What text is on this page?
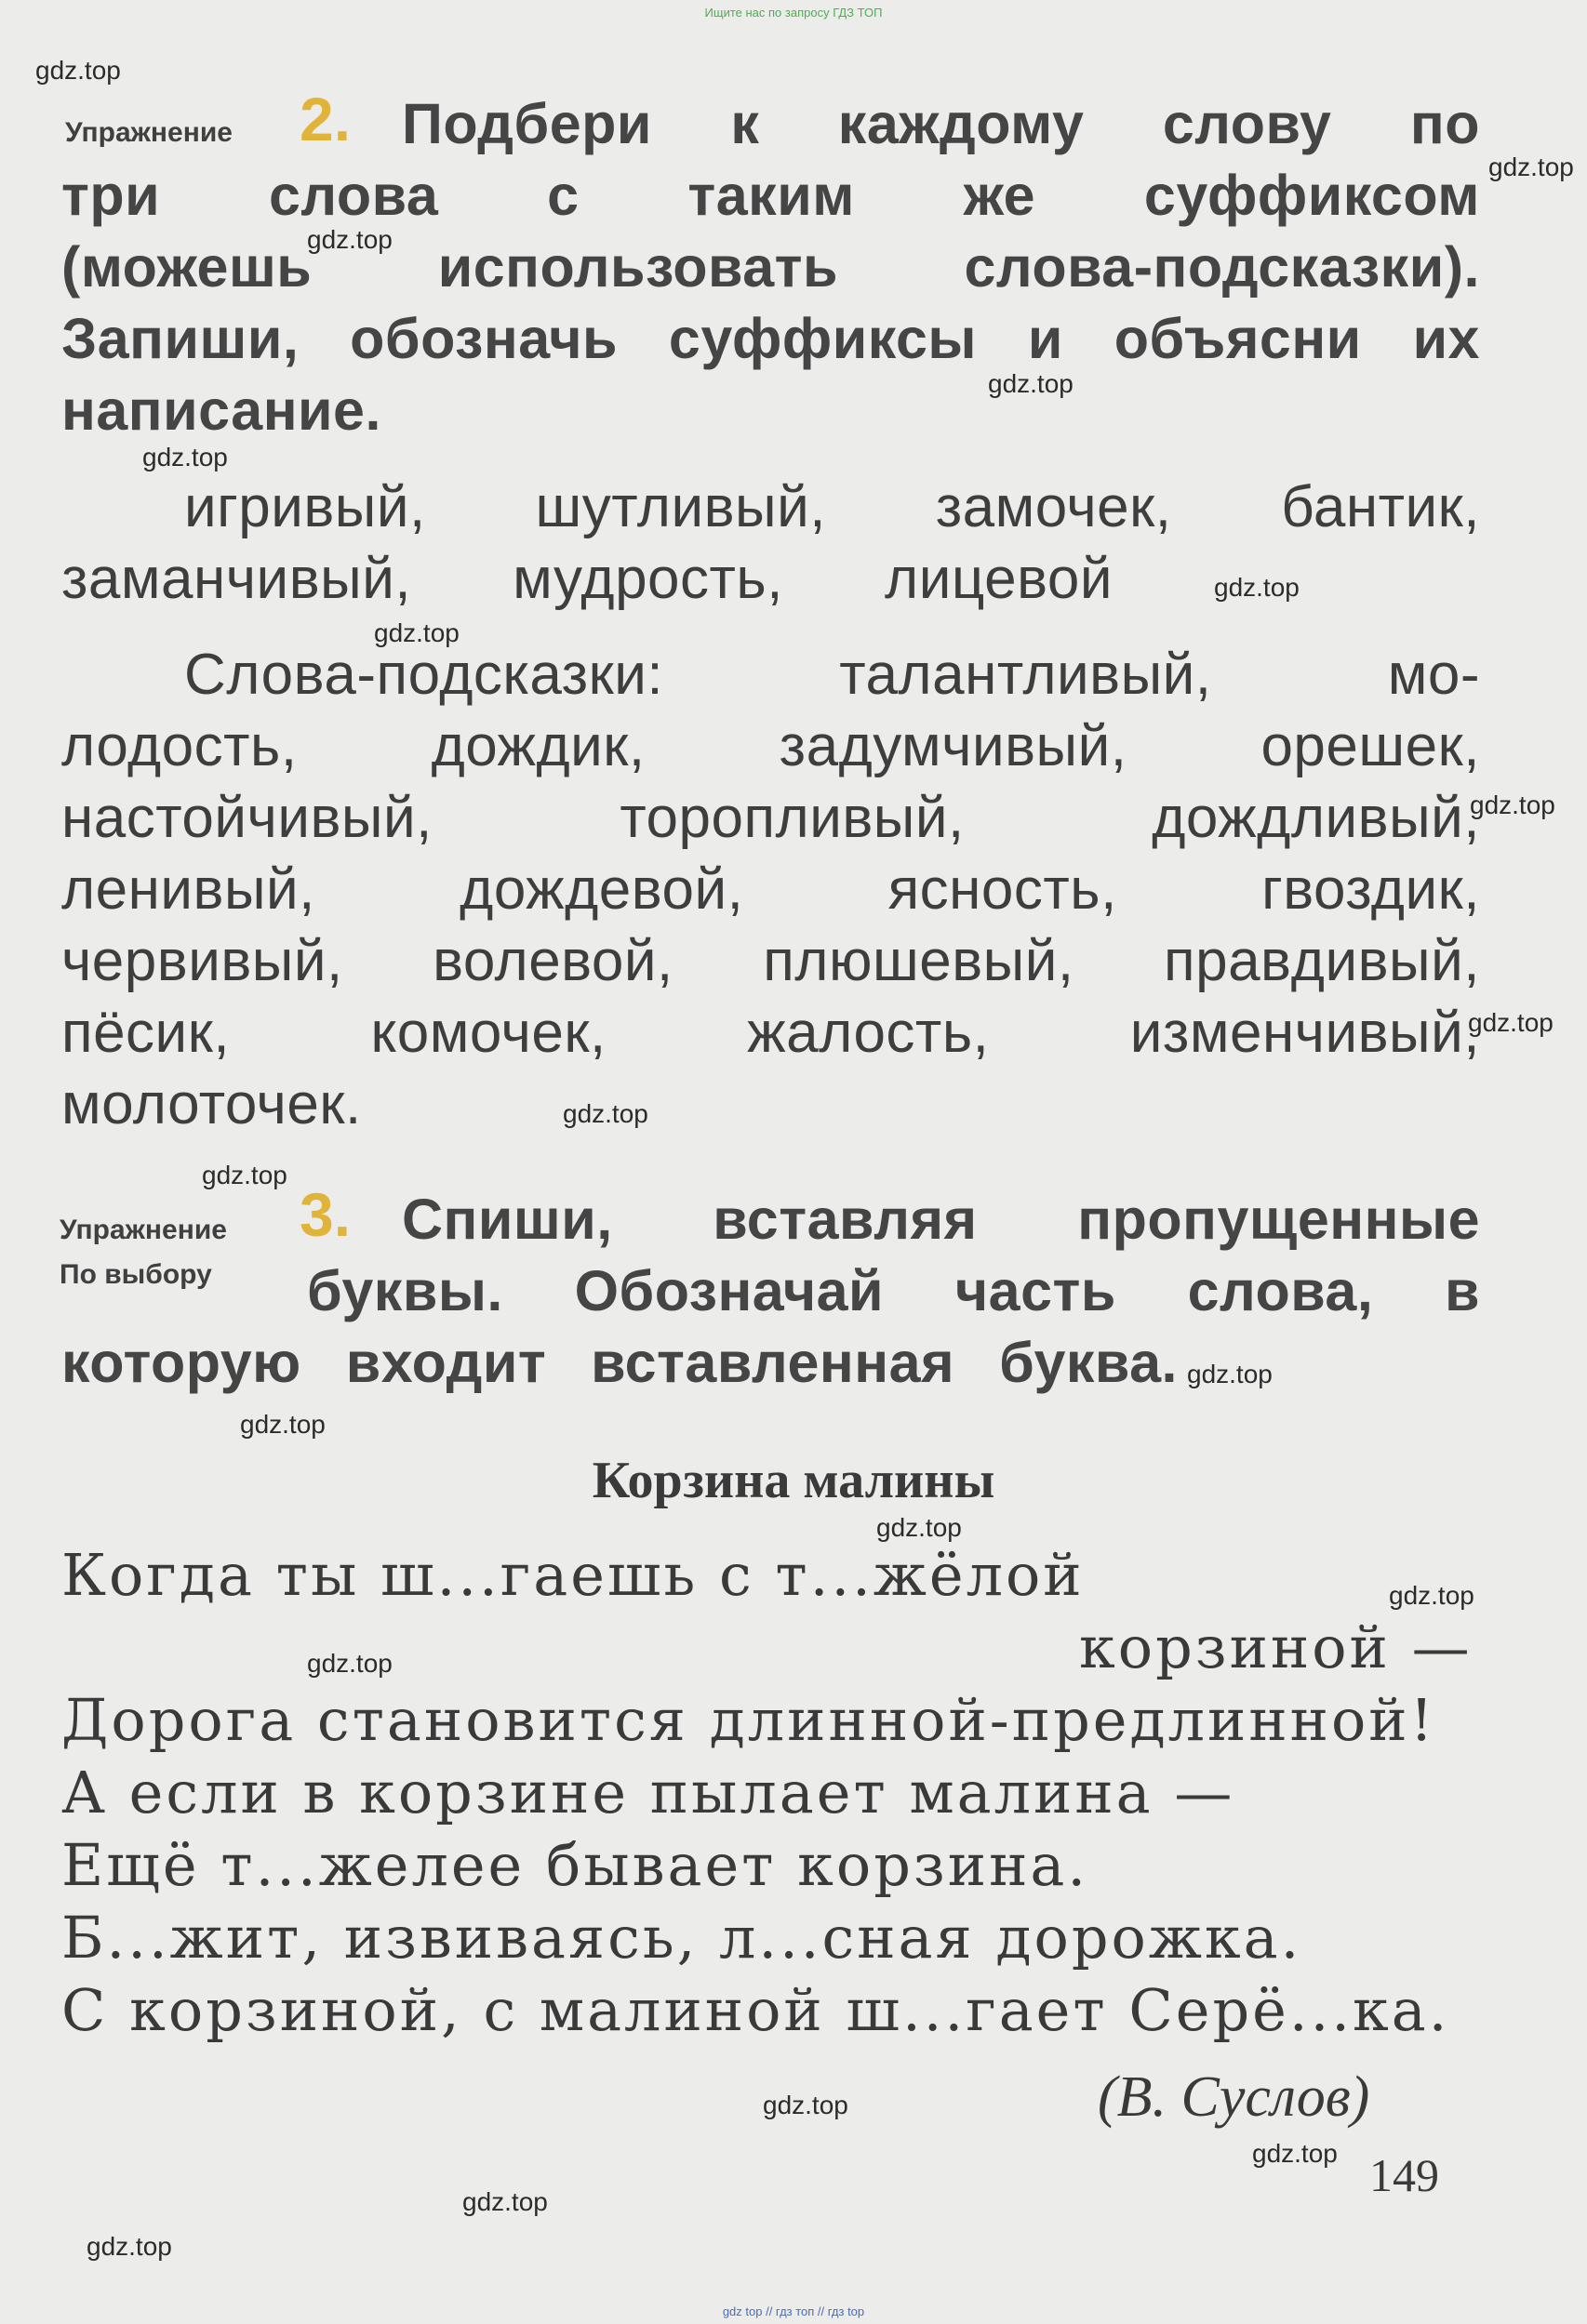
Ищите нас по запросу ГДЗ ТОП
gdz.top
gdz.top
gdz.top
gdz.top
gdz.top
gdz.top
gdz.top
gdz.top
gdz.top
gdz.top
gdz.top
gdz.top
gdz.top
gdz.top
gdz.top
gdz.top
gdz.top
gdz.top
gdz.top
gdz.top
Упражнение 2. Подбери к каждому слову по
три слова с таким же суффиксом
(можешь использовать слова-подсказки).
Запиши, обозначь суффиксы и объясни их
написание.
игривый, шутливый, замочек, бантик,
заманчивый, мудрость, лицевой
Слова-подсказки:	талантливый,	мо-
лодость, дождик, задумчивый, орешек,
настойчивый,	торопливый,	дождливый,
ленивый,	дождевой,	ясность,	гвоздик,
червивый, волевой, плюшевый, правдивый,
пёсик, комочек, жалость, изменчивый,
молоточек.
Упражнение
По выбору
3. Спиши, вставляя пропущенные
буквы. Обозначай часть слова, в
которую входит вставленная буква.
Корзина малины
Когда ты ш...гаешь с т...жёлой
корзиной —
Дорога становится длинной-предлинной!
А если в корзине пылает малина —
Ещё т...желее бывает корзина.
Б...жит, извиваясь, л...сная дорожка.
С корзиной, с малиной ш...гает Серё...ка.
(В. Суслов)
149
gdz top // гдз топ // гдз top
